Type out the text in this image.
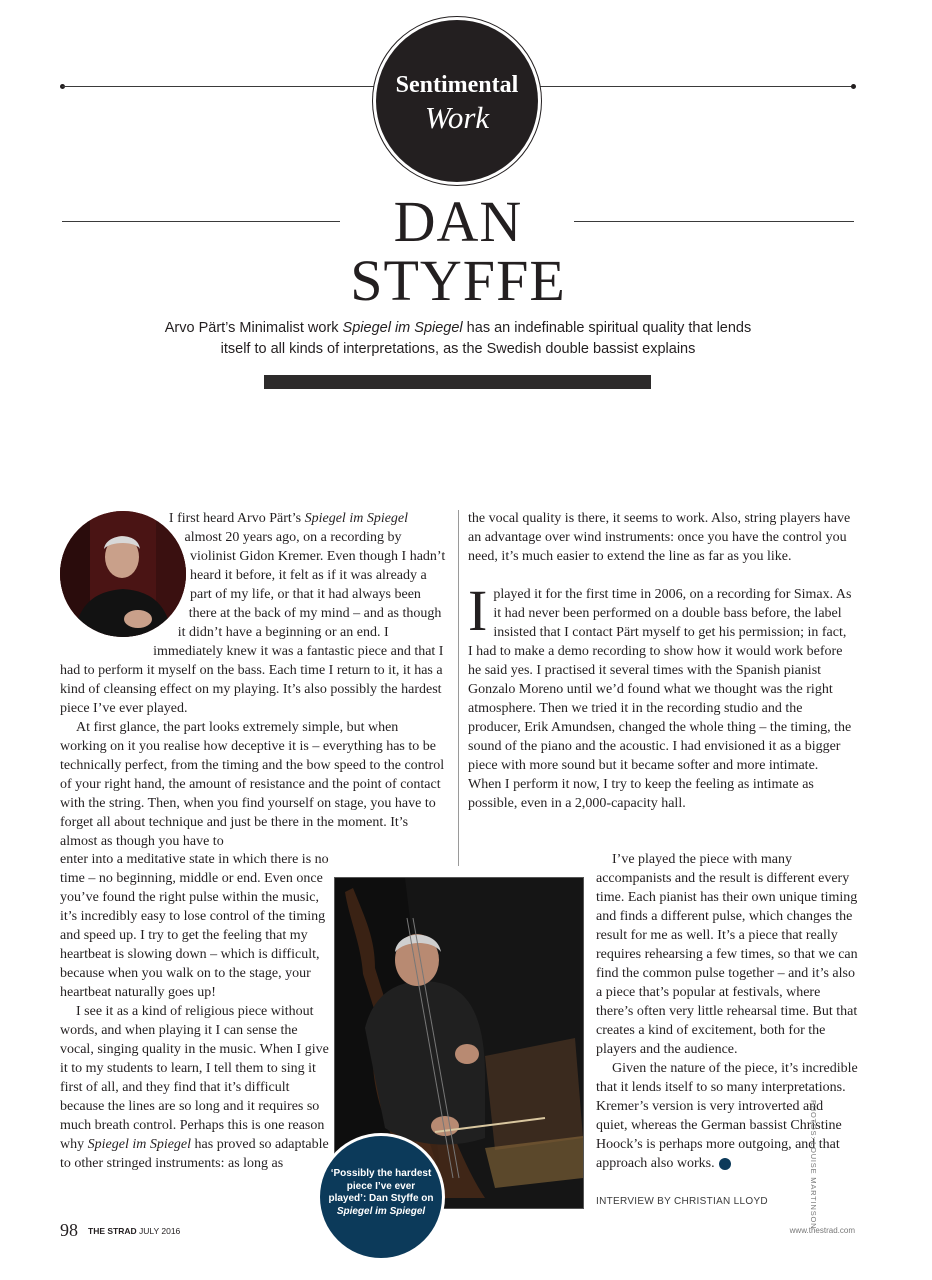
Sentimental
Work
DAN
STYFFE
Arvo Pärt’s Minimalist work Spiegel im Spiegel has an indefinable spiritual quality that lends itself to all kinds of interpretations, as the Swedish double bassist explains

I first heard Arvo Pärt’s Spiegel im Spiegel almost 20 years ago, on a recording by violinist Gidon Kremer. Even though I hadn’t heard it before, it felt as if it was already a part of my life, or that it had always been there at the back of my mind – and as though it didn’t have a beginning or an end. I immediately knew it was a fantastic piece and that I had to perform it myself on the bass. Each time I return to it, it has a kind of cleansing effect on my playing. It’s also possibly the hardest piece I’ve ever played.

At first glance, the part looks extremely simple, but when working on it you realise how deceptive it is – everything has to be technically perfect, from the timing and the bow speed to the control of your right hand, the amount of resistance and the point of contact with the string. Then, when you find yourself on stage, you have to forget all about technique and just be there in the moment. It’s almost as though you have to

enter into a meditative state in which there is no time – no beginning, middle or end. Even once you’ve found the right pulse within the music, it’s incredibly easy to lose control of the timing and speed up. I try to get the feeling that my heartbeat is slowing down – which is difficult, because when you walk on to the stage, your heartbeat naturally goes up!

I see it as a kind of religious piece without words, and when playing it I can sense the vocal, singing quality in the music. When I give it to my students to learn, I tell them to sing it first of all, and they find that it’s difficult because the lines are so long and it requires so much breath control. Perhaps this is one reason why Spiegel im Spiegel has proved so adaptable to other stringed instruments: as long as

the vocal quality is there, it seems to work. Also, string players have an advantage over wind instruments: once you have the control you need, it’s much easier to extend the line as far as you like.

I played it for the first time in 2006, on a recording for Simax. As it had never been performed on a double bass before, the label insisted that I contact Pärt myself to get his permission; in fact, I had to make a demo recording to show how it would work before he said yes. I practised it several times with the Spanish pianist Gonzalo Moreno until we’d found what we thought was the right atmosphere. Then we tried it in the recording studio and the producer, Erik Amundsen, changed the whole thing – the timing, the sound of the piano and the acoustic. I had envisioned it as a bigger piece with more sound but it became softer and more intimate. When I perform it now, I try to keep the feeling as intimate as possible, even in a 2,000-capacity hall.

‘Possibly the hardest piece I’ve ever played’: Dan Styffe on Spiegel im Spiegel

I’ve played the piece with many accompanists and the result is different every time. Each pianist has their own unique timing and finds a different pulse, which changes the result for me as well. It’s a piece that really requires rehearsing a few times, so that we can find the common pulse together – and it’s also a piece that’s popular at festivals, where there’s often very little rehearsal time. But that creates a kind of excitement, both for the players and the audience.

Given the nature of the piece, it’s incredible that it lends itself to so many interpretations. Kremer’s version is very introverted and quiet, whereas the German bassist Christine Hoock’s is perhaps more outgoing, and that approach also works.

INTERVIEW BY CHRISTIAN LLOYD	PHOTOS: LOUISE MARTINSON
98 THE STRAD JULY 2016	www.thestrad.com
